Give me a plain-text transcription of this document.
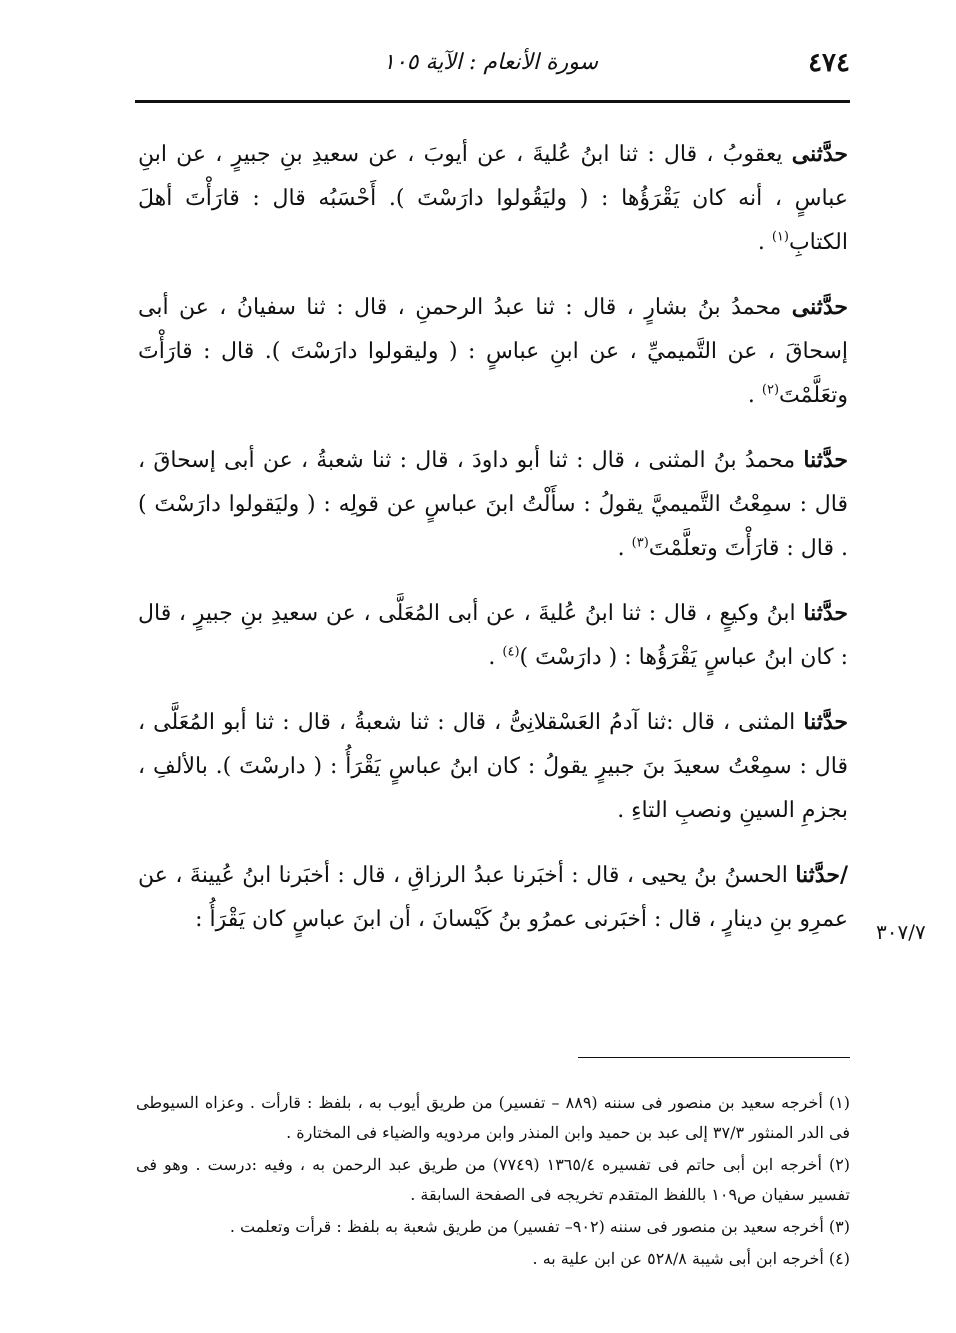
٤٧٤
سورة الأنعام : الآية ١٠٥

حدَّثنى يعقوبُ ، قال : ثنا ابنُ عُليةَ ، عن أيوبَ ، عن سعيدِ بنِ جبيرٍ ، عن ابنِ عباسٍ ، أنه كان يَقْرَؤُها : ( وليَقُولوا دارَسْتَ ). أَحْسَبُه قال : قارَأْتَ أهلَ الكتابِ$^{(١)}$ .

حدَّثنى محمدُ بنُ بشارٍ ، قال : ثنا عبدُ الرحمنِ ، قال : ثنا سفيانُ ، عن أبى إسحاقَ ، عن التَّميميِّ ، عن ابنِ عباسٍ : ( وليقولوا دارَسْتَ ). قال : قارَأْتَ وتعَلَّمْتَ$^{(٢)}$ .

حدَّثنا محمدُ بنُ المثنى ، قال : ثنا أبو داودَ ، قال : ثنا شعبةُ ، عن أبى إسحاقَ ، قال : سمِعْتُ التَّميميَّ يقولُ : سأَلْتُ ابنَ عباسٍ عن قولِه : ( وليَقولوا دارَسْتَ ) . قال : قارَأْتَ وتعلَّمْتَ$^{(٣)}$ .

حدَّثنا ابنُ وكيعٍ ، قال : ثنا ابنُ عُليةَ ، عن أبى المُعَلَّى ، عن سعيدِ بنِ جبيرٍ ، قال : كان ابنُ عباسٍ يَقْرَؤُها : ( دارَسْتَ )$^{(٤)}$ .

حدَّثنا المثنى ، قال :ثنا آدمُ العَسْقلانِىُّ ، قال : ثنا شعبةُ ، قال : ثنا أبو المُعَلَّى ، قال : سمِعْتُ سعيدَ بنَ جبيرٍ يقولُ : كان ابنُ عباسٍ يَقْرَأُ : ( دارسْتَ ). بالألفِ ، بجزمِ السينِ ونصبِ التاءِ .

/حدَّثنا الحسنُ بنُ يحيى ، قال : أخبَرنا عبدُ الرزاقِ ، قال : أخبَرنا ابنُ عُيينةَ ، عن عمرِو بنِ دينارٍ ، قال : أخبَرنى عمرُو بنُ كَيْسانَ ، أن ابنَ عباسٍ كان يَقْرَأُ : ٣٠٧/٧

(١) أخرجه سعيد بن منصور فى سننه (٨٨٩ – تفسير) من طريق أيوب به ، بلفظ : قارأت . وعزاه السيوطى فى الدر المنثور ٣٧/٣ إلى عبد بن حميد وابن المنذر وابن مردويه والضياء فى المختارة .

(٢) أخرجه ابن أبى حاتم فى تفسيره ١٣٦٥/٤ (٧٧٤٩) من طريق عبد الرحمن به ، وفيه :درست . وهو فى تفسير سفيان ص١٠٩ باللفظ المتقدم تخريجه فى الصفحة السابقة .

(٣) أخرجه سعيد بن منصور فى سننه (٩٠٢– تفسير) من طريق شعبة به بلفظ : قرأت وتعلمت .

(٤) أخرجه ابن أبى شيبة ٥٢٨/٨ عن ابن علية به .
